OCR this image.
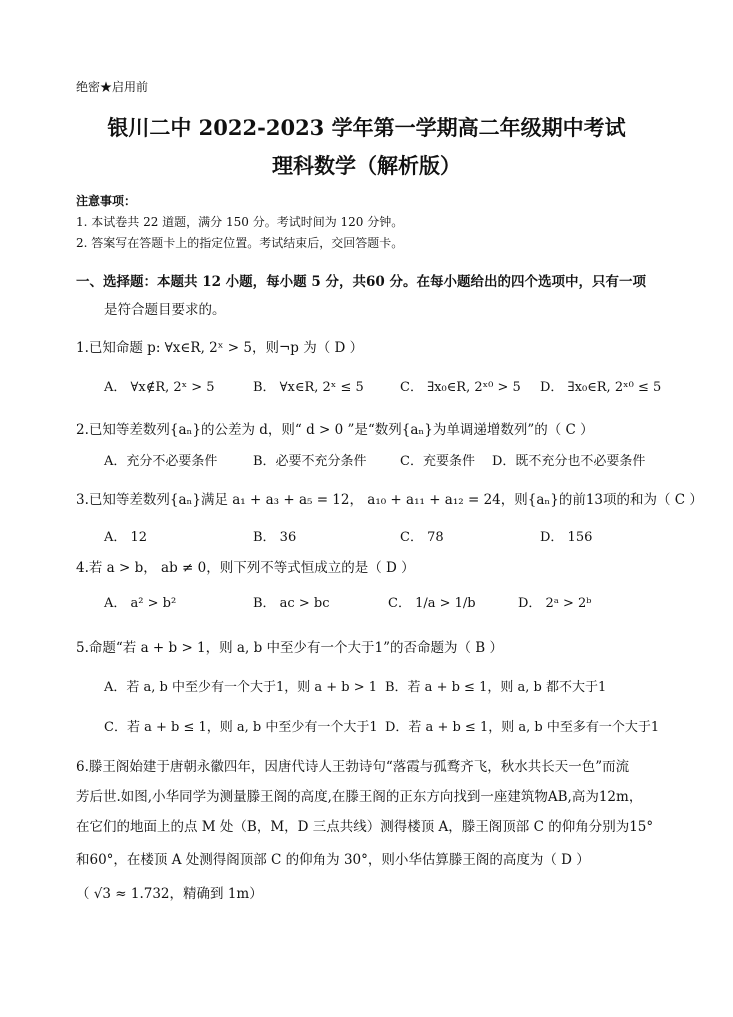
绝密★启用前
银川二中 2022-2023 学年第一学期高二年级期中考试
理科数学（解析版）
注意事项：
1. 本试卷共 22 道题，满分 150 分。考试时间为 120 分钟。
2. 答案写在答题卡上的指定位置。考试结束后，交回答题卡。
一、选择题：本题共 12 小题，每小题 5 分，共60 分。在每小题给出的四个选项中，只有一项
是符合题目要求的。
1.已知命题 p: ∀x∈R, 2ˣ > 5，则¬p 为（ D ）
A． ∀x∉R, 2ˣ > 5	B． ∀x∈R, 2ˣ ≤ 5	C． ∃x₀∈R, 2ˣ⁰ > 5 D． ∃x₀∈R, 2ˣ⁰ ≤ 5
2.已知等差数列{aₙ}的公差为 d，则“ d > 0 ”是“数列{aₙ}为单调递增数列”的（ C ）
A．充分不必要条件	B．必要不充分条件	C．充要条件 D．既不充分也不必要条件
3.已知等差数列{aₙ}满足 a₁ + a₃ + a₅ = 12， a₁₀ + a₁₁ + a₁₂ = 24，则{aₙ}的前13项的和为（ C ）
A． 12	B． 36	C． 78	D． 156
4.若 a > b， ab ≠ 0，则下列不等式恒成立的是（ D ）
A． a² > b²	B． ac > bc	C． 1/a > 1/b	D． 2ᵃ > 2ᵇ
5.命题“若 a + b > 1，则 a, b 中至少有一个大于1”的否命题为（ B ）
A．若 a, b 中至少有一个大于1，则 a + b > 1 B．若 a + b ≤ 1，则 a, b 都不大于1
C．若 a + b ≤ 1，则 a, b 中至少有一个大于1 D．若 a + b ≤ 1，则 a, b 中至多有一个大于1
6.滕王阁始建于唐朝永徽四年，因唐代诗人王勃诗句“落霞与孤鹜齐飞，秋水共长天一色”而流
芳后世.如图,小华同学为测量滕王阁的高度,在滕王阁的正东方向找到一座建筑物AB,高为12m，
在它们的地面上的点 M 处（B，M，D 三点共线）测得楼顶 A，滕王阁顶部 C 的仰角分别为15°
和60°，在楼顶 A 处测得阁顶部 C 的仰角为 30°，则小华估算滕王阁的高度为（ D ）
（ √3 ≈ 1.732，精确到 1m）
